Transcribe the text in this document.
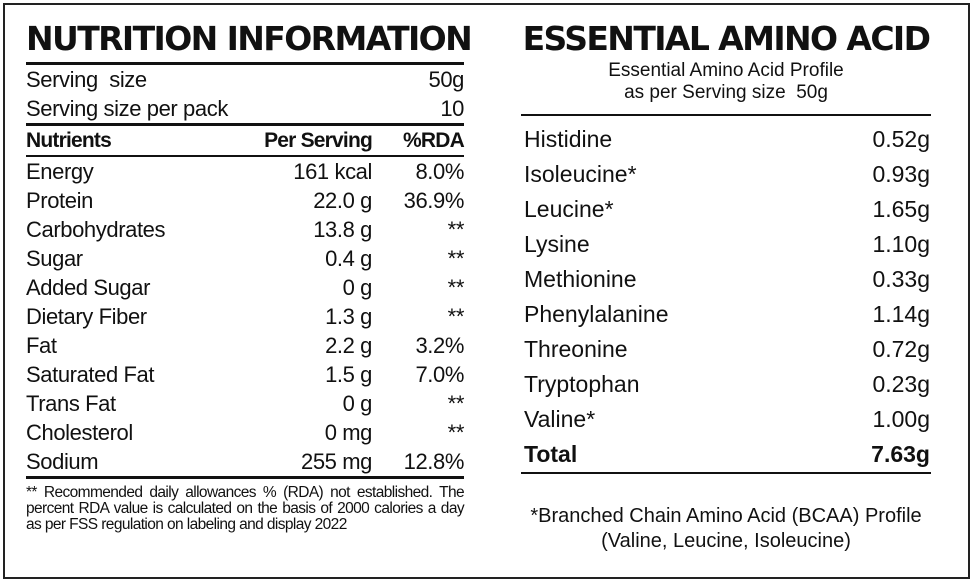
NUTRITION INFORMATION
Serving  size	50g
Serving size per pack	10
Nutrients	Per Serving	%RDA
Energy	161 kcal	8.0%
Protein	22.0 g	36.9%
Carbohydrates	13.8 g	**
Sugar	0.4 g	**
Added Sugar	0 g	**
Dietary Fiber	1.3 g	**
Fat	2.2 g	3.2%
Saturated Fat	1.5 g	7.0%
Trans Fat	0 g	**
Cholesterol	0 mg	**
Sodium	255 mg	12.8%
** Recommended daily allowances % (RDA) not established. The percent RDA value is calculated on the basis of 2000 calories a day as per FSS regulation on labeling and display 2022
ESSENTIAL AMINO ACID
Essential Amino Acid Profile
as per Serving size  50g
Histidine	0.52g
Isoleucine*	0.93g
Leucine*	1.65g
Lysine	1.10g
Methionine	0.33g
Phenylalanine	1.14g
Threonine	0.72g
Tryptophan	0.23g
Valine*	1.00g
Total	7.63g
*Branched Chain Amino Acid (BCAA) Profile
(Valine, Leucine, Isoleucine)
